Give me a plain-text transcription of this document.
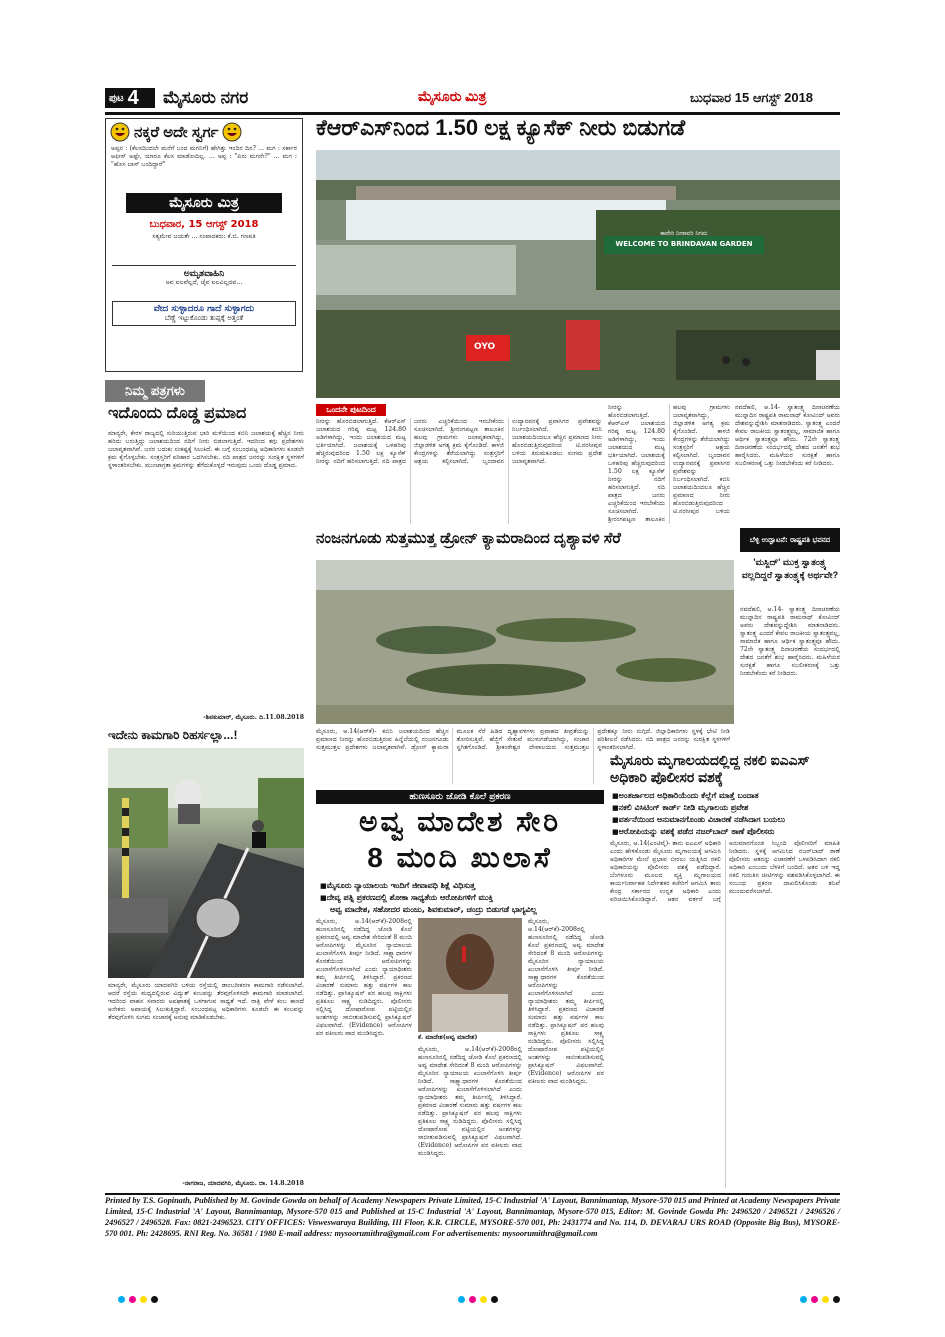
ಪುಟ 4 ಮೈಸೂರು ನಗರ	ಮೈಸೂರು ಮಿತ್ರ	ಬುಧವಾರ 15 ಆಗಸ್ಟ್ 2018
ನಕ್ಕರೆ ಅದೇ ಸ್ವರ್ಗ
ಅಪ್ಪನ : (ಕೆಲಸದಿಂದಲೇ ಮನೆಗೆ ಬಂದ ಮಗನಿಗೆ) ಹೇಗಿತ್ತು ಇಂದಿನ ದಿನ? ... ಮಗ : ಸರ್ಕಾರ ಆಫೀಸ್ ಅಷ್ಟೇ, ಯಾರೂ ಕೆಲಸ ಮಾಡೋದಿಲ್ಲ. ... ಅಪ್ಪ : "ಏನು ಮಗನೇ?" ... ಮಗ : "ಹೊಸ ಬಾಸ್ ಬಂದಿದ್ದಾರೆ"
ಮೈಸೂರು ಮಿತ್ರ
ಬುಧವಾರ, 15 ಆಗಸ್ಟ್ 2018
ಸತ್ಯಮೇವ ಜಯತೇ ... ಸಂಪಾದಕರು: ಕೆ.ಬಿ. ಗಣಪತಿ
ಅಮೃತವಾಹಿನಿ
ಅವ ಐಲವೆಲ್ಲದೆ, ಜೈವ ಐಲವಿಲ್ಲದವ...
ವೇದ ಸುಳ್ಳಾದರೂ ಗಾದೆ ಸುಳ್ಳಾಗದು
ಬೆಣ್ಣೆ ಇಟ್ಟುಕೊಂಡು ತುಪ್ಪಕ್ಕೆ ಅತ್ತಂತೆ
ನಿಮ್ಮ ಪತ್ರಗಳು
ಇದೊಂದು ದೊಡ್ಡ ಪ್ರಮಾದ
ಮಾನ್ಯರೇ, ಕೇರಳ ರಾಜ್ಯದಲ್ಲಿ ಸುರಿಯುತ್ತಿರುವ ಭಾರಿ ಮಳೆಯಿಂದ ಕಬಿನಿ ಜಲಾಶಯಕ್ಕೆ ಹೆಚ್ಚಿನ ನೀರು ಹರಿದು ಬರುತ್ತಿದ್ದು ಜಲಾಶಯದಿಂದ ನದಿಗೆ ನೀರು ಬಿಡಲಾಗುತ್ತಿದೆ. ಇದರಿಂದ ತಗ್ಗು ಪ್ರದೇಶಗಳು ಜಲಾವೃತವಾಗಿವೆ. ಜನರ ಬದುಕು ಸಂಕಷ್ಟಕ್ಕೆ ಸಿಲುಕಿದೆ. ಈ ಬಗ್ಗೆ ಸಂಬಂಧಪಟ್ಟ ಅಧಿಕಾರಿಗಳು ಕೂಡಲೇ ಕ್ರಮ ಕೈಗೊಳ್ಳಬೇಕು. ಸಂತ್ರಸ್ತರಿಗೆ ಪರಿಹಾರ ಒದಗಿಸಬೇಕು. ನದಿ ಪಾತ್ರದ ಜನರನ್ನು ಸುರಕ್ಷಿತ ಸ್ಥಳಗಳಿಗೆ ಸ್ಥಳಾಂತರಿಸಬೇಕು. ಮುಂಜಾಗ್ರತಾ ಕ್ರಮಗಳನ್ನು ತೆಗೆದುಕೊಳ್ಳದೆ ಇರುವುದು ಒಂದು ದೊಡ್ಡ ಪ್ರಮಾದ.
-ಶಿವಕುಮಾರ್, ಮೈಸೂರು. ದಿ.11.08.2018
ಇದೇನು ಕಾಮಗಾರಿ ರಿಹರ್ಸಲ್ಲಾ...!
ಮಾನ್ಯರೇ, ಮೈಸೂರು ಯಾದವಗಿರಿ ಬಳಿಯ ರಸ್ತೆಯಲ್ಲಿ ಡಾಂಬರೀಕರಣ ಕಾಮಗಾರಿ ನಡೆಸಲಾಗಿದೆ. ಆದರೆ ರಸ್ತೆಯ ಮಧ್ಯದಲ್ಲಿರುವ ವಿದ್ಯುತ್ ಕಂಬವನ್ನು ತೆರವುಗೊಳಿಸದೇ ಕಾಮಗಾರಿ ಮಾಡಲಾಗಿದೆ. ಇದರಿಂದ ವಾಹನ ಸವಾರರು ಅಪಘಾತಕ್ಕೆ ಒಳಗಾಗುವ ಸಾಧ್ಯತೆ ಇದೆ. ರಾತ್ರಿ ವೇಳೆ ಕಂಬ ಕಾಣದೆ ಅನೇಕರು ಅಪಾಯಕ್ಕೆ ಸಿಲುಕುತ್ತಿದ್ದಾರೆ. ಸಂಬಂಧಪಟ್ಟ ಅಧಿಕಾರಿಗಳು ಕೂಡಲೇ ಈ ಕಂಬವನ್ನು ತೆರವುಗೊಳಿಸಿ ಸುಗಮ ಸಂಚಾರಕ್ಕೆ ಅನುವು ಮಾಡಿಕೊಡಬೇಕು.
-ನಾಗರಾಜ, ಯಾದವಗಿರಿ, ಮೈಸೂರು. ದಾ. 14.8.2018
ಕೆಆರ್‌ಎಸ್‌ನಿಂದ 1.50 ಲಕ್ಷ ಕ್ಯೂಸೆಕ್ ನೀರು ಬಿಡುಗಡೆ
WELCOME TO BRINDAVAN GARDEN
ಕಾವೇರಿ ನೀರಾವರಿ ನಿಗಮ
OYO
ಒಂದನೇ ಪುಟದಿಂದ
ನೀರನ್ನು ಹೊರಬಿಡಲಾಗುತ್ತಿದೆ. ಕೆಆರ್‌ಎಸ್ ಜಲಾಶಯದ ಗರಿಷ್ಠ ಮಟ್ಟ 124.80 ಅಡಿಗಳಾಗಿದ್ದು, ಇಂದು ಜಲಾಶಯದ ಮಟ್ಟ ಭರ್ತಿಯಾಗಿದೆ. ಜಲಾಶಯಕ್ಕೆ ಒಳಹರಿವು ಹೆಚ್ಚಿರುವುದರಿಂದ 1.50 ಲಕ್ಷ ಕ್ಯೂಸೆಕ್ ನೀರನ್ನು ನದಿಗೆ ಹರಿಸಲಾಗುತ್ತಿದೆ. ನದಿ ಪಾತ್ರದ ಜನರು ಎಚ್ಚರಿಕೆಯಿಂದ ಇರಬೇಕೆಂದು ಸೂಚಿಸಲಾಗಿದೆ. ಶ್ರೀರಂಗಪಟ್ಟಣ ತಾಲೂಕಿನ ಹಲವು ಗ್ರಾಮಗಳು ಜಲಾವೃತವಾಗಿದ್ದು, ಜಿಲ್ಲಾಡಳಿತ ಅಗತ್ಯ ಕ್ರಮ ಕೈಗೊಂಡಿದೆ. ಕಾಳಜಿ ಕೇಂದ್ರಗಳನ್ನು ತೆರೆಯಲಾಗಿದ್ದು ಸಂತ್ರಸ್ತರಿಗೆ ಆಶ್ರಯ ಕಲ್ಪಿಸಲಾಗಿದೆ. ಬೃಂದಾವನ ಉದ್ಯಾನವನಕ್ಕೆ ಪ್ರವಾಸಿಗರ ಪ್ರವೇಶವನ್ನು ನಿರ್ಬಂಧಿಸಲಾಗಿದೆ. ಕಬಿನಿ ಜಲಾಶಯದಿಂದಲೂ ಹೆಚ್ಚಿನ ಪ್ರಮಾಣದ ನೀರು ಹೊರಬಿಡುತ್ತಿರುವುದರಿಂದ ಟಿ.ನರಸೀಪುರ ಬಳಿಯ ತಿರುಮಕೂಡಲು ಸಂಗಮ ಪ್ರದೇಶ ಜಲಾವೃತವಾಗಿದೆ.
ನೀರನ್ನು ಹೊರಬಿಡಲಾಗುತ್ತಿದೆ. ಕೆಆರ್‌ಎಸ್ ಜಲಾಶಯದ ಗರಿಷ್ಠ ಮಟ್ಟ 124.80 ಅಡಿಗಳಾಗಿದ್ದು, ಇಂದು ಜಲಾಶಯದ ಮಟ್ಟ ಭರ್ತಿಯಾಗಿದೆ. ಜಲಾಶಯಕ್ಕೆ ಒಳಹರಿವು ಹೆಚ್ಚಿರುವುದರಿಂದ 1.50 ಲಕ್ಷ ಕ್ಯೂಸೆಕ್ ನೀರನ್ನು ನದಿಗೆ ಹರಿಸಲಾಗುತ್ತಿದೆ. ನದಿ ಪಾತ್ರದ ಜನರು ಎಚ್ಚರಿಕೆಯಿಂದ ಇರಬೇಕೆಂದು ಸೂಚಿಸಲಾಗಿದೆ. ಶ್ರೀರಂಗಪಟ್ಟಣ ತಾಲೂಕಿನ ಹಲವು ಗ್ರಾಮಗಳು ಜಲಾವೃತವಾಗಿದ್ದು, ಜಿಲ್ಲಾಡಳಿತ ಅಗತ್ಯ ಕ್ರಮ ಕೈಗೊಂಡಿದೆ. ಕಾಳಜಿ ಕೇಂದ್ರಗಳನ್ನು ತೆರೆಯಲಾಗಿದ್ದು ಸಂತ್ರಸ್ತರಿಗೆ ಆಶ್ರಯ ಕಲ್ಪಿಸಲಾಗಿದೆ. ಬೃಂದಾವನ ಉದ್ಯಾನವನಕ್ಕೆ ಪ್ರವಾಸಿಗರ ಪ್ರವೇಶವನ್ನು ನಿರ್ಬಂಧಿಸಲಾಗಿದೆ. ಕಬಿನಿ ಜಲಾಶಯದಿಂದಲೂ ಹೆಚ್ಚಿನ ಪ್ರಮಾಣದ ನೀರು ಹೊರಬಿಡುತ್ತಿರುವುದರಿಂದ ಟಿ.ನರಸೀಪುರ ಬಳಿಯ
ನವದೆಹಲಿ, ಆ.14- ಸ್ವಾತಂತ್ರ್ಯ ದಿನಾಚರಣೆಯ ಮುನ್ನಾದಿನ ರಾಷ್ಟ್ರಪತಿ ರಾಮನಾಥ್ ಕೋವಿಂದ್ ಅವರು ದೇಶವನ್ನುದ್ದೇಶಿಸಿ ಮಾತನಾಡಿದರು. ಸ್ವಾತಂತ್ರ್ಯ ಎಂದರೆ ಕೇವಲ ರಾಜಕೀಯ ಸ್ವಾತಂತ್ರ್ಯವಲ್ಲ, ಸಾಮಾಜಿಕ ಹಾಗೂ ಆರ್ಥಿಕ ಸ್ವಾತಂತ್ರ್ಯವೂ ಹೌದು. 72ನೇ ಸ್ವಾತಂತ್ರ್ಯ ದಿನಾಚರಣೆಯ ಸಂದರ್ಭದಲ್ಲಿ ದೇಶದ ಜನತೆಗೆ ಶುಭ ಹಾರೈಸಿದರು. ಮಹಿಳೆಯರ ಸುರಕ್ಷತೆ ಹಾಗೂ ಸಬಲೀಕರಣಕ್ಕೆ ಒತ್ತು ನೀಡಬೇಕೆಂದು ಕರೆ ನೀಡಿದರು.
ನಂಜನಗೂಡು ಸುತ್ತಮುತ್ತ ಡ್ರೋನ್ ಕ್ಯಾಮರಾದಿಂದ ದೃಶ್ಯಾವಳಿ ಸೆರೆ
ಮೈಸೂರು, ಆ.14(ಆರ್‌ಕೆ)- ಕಬಿನಿ ಜಲಾಶಯದಿಂದ ಹೆಚ್ಚಿನ ಪ್ರಮಾಣದ ನೀರನ್ನು ಹೊರಬಿಡುತ್ತಿರುವ ಹಿನ್ನೆಲೆಯಲ್ಲಿ ನಂಜನಗೂಡು ಸುತ್ತಮುತ್ತಲ ಪ್ರದೇಶಗಳು ಜಲಾವೃತವಾಗಿವೆ. ಡ್ರೋನ್ ಕ್ಯಾಮರಾ ಮೂಲಕ ಸೆರೆ ಹಿಡಿದ ದೃಶ್ಯಾವಳಿಗಳು ಪ್ರವಾಹದ ತೀವ್ರತೆಯನ್ನು ತೋರಿಸುತ್ತಿವೆ. ಹೆಜ್ಜಿಗೆ ಸೇತುವೆ ಮುಳುಗಡೆಯಾಗಿದ್ದು, ಸಂಚಾರ ಸ್ಥಗಿತಗೊಂಡಿದೆ. ಶ್ರೀಕಂಠೇಶ್ವರ ದೇವಾಲಯದ ಸುತ್ತಮುತ್ತಲ ಪ್ರದೇಶಕ್ಕೂ ನೀರು ನುಗ್ಗಿದೆ. ಜಿಲ್ಲಾಧಿಕಾರಿಗಳು ಸ್ಥಳಕ್ಕೆ ಭೇಟಿ ನೀಡಿ ಪರಿಶೀಲನೆ ನಡೆಸಿದರು. ನದಿ ಪಾತ್ರದ ಜನರನ್ನು ಸುರಕ್ಷಿತ ಸ್ಥಳಗಳಿಗೆ ಸ್ಥಳಾಂತರಿಸಲಾಗಿದೆ.
ಬೆಳ್ಳಿ ಉದ್ಘಾಟನೆ: ರಾಷ್ಟ್ರಪತಿ ಭವನದ
'ಮಸ್ಜಿದ್' ಮುಕ್ತ ಸ್ವಾತಂತ್ರ್ಯ ವಲ್ಲದಿದ್ದರೆ ಸ್ವಾತಂತ್ರ್ಯಕ್ಕೆ ಅರ್ಥವೇ?
ನವದೆಹಲಿ, ಆ.14- ಸ್ವಾತಂತ್ರ್ಯ ದಿನಾಚರಣೆಯ ಮುನ್ನಾದಿನ ರಾಷ್ಟ್ರಪತಿ ರಾಮನಾಥ್ ಕೋವಿಂದ್ ಅವರು ದೇಶವನ್ನುದ್ದೇಶಿಸಿ ಮಾತನಾಡಿದರು. ಸ್ವಾತಂತ್ರ್ಯ ಎಂದರೆ ಕೇವಲ ರಾಜಕೀಯ ಸ್ವಾತಂತ್ರ್ಯವಲ್ಲ, ಸಾಮಾಜಿಕ ಹಾಗೂ ಆರ್ಥಿಕ ಸ್ವಾತಂತ್ರ್ಯವೂ ಹೌದು. 72ನೇ ಸ್ವಾತಂತ್ರ್ಯ ದಿನಾಚರಣೆಯ ಸಂದರ್ಭದಲ್ಲಿ ದೇಶದ ಜನತೆಗೆ ಶುಭ ಹಾರೈಸಿದರು. ಮಹಿಳೆಯರ ಸುರಕ್ಷತೆ ಹಾಗೂ ಸಬಲೀಕರಣಕ್ಕೆ ಒತ್ತು ನೀಡಬೇಕೆಂದು ಕರೆ ನೀಡಿದರು.
ಹುಣಸೂರು ಜೋಡಿ ಕೊಲೆ ಪ್ರಕರಣ
ಅವ್ವ ಮಾದೇಶ ಸೇರಿ
8 ಮಂದಿ ಖುಲಾಸೆ
■ ಮೈಸೂರು ನ್ಯಾಯಾಲಯ ಇಂದಿಗೆ ಜೀವಾವಧಿ ಶಿಕ್ಷೆ ವಿಧಿಸುತ್ತ
■ ದೇವ್ಯ ಪತ್ನಿ ಪ್ರಕರಣದಲ್ಲಿ ಶೋಕಾ ಸಾಧ್ಯತೆಯ ಆರೋಪಿಗಳಿಗೆ ಮುಕ್ತಿ
ಅವ್ವ ಮಾದೇಶ, ಸಹೋದರ ಮಂಜು, ಶಿವಕುಮಾರ್, ಚಂದ್ರು ಬಿಡುಗಡೆ ಭಾಗ್ಯವಿಲ್ಲ
ಮೈಸೂರು, ಆ.14(ಆರ್‌ಕೆ)-2008ರಲ್ಲಿ ಹುಣಸೂರಿನಲ್ಲಿ ನಡೆದಿದ್ದ ಜೋಡಿ ಕೊಲೆ ಪ್ರಕರಣದಲ್ಲಿ ಅವ್ವ ಮಾದೇಶ ಸೇರಿದಂತೆ 8 ಮಂದಿ ಆರೋಪಿಗಳನ್ನು ಮೈಸೂರಿನ ನ್ಯಾಯಾಲಯ ಖುಲಾಸೆಗೊಳಿಸಿ ತೀರ್ಪು ನೀಡಿದೆ. ಸಾಕ್ಷ್ಯಾಧಾರಗಳ ಕೊರತೆಯಿಂದ ಆರೋಪಿಗಳನ್ನು ಖುಲಾಸೆಗೊಳಿಸಲಾಗಿದೆ ಎಂದು ನ್ಯಾಯಾಧೀಶರು ತಮ್ಮ ತೀರ್ಪಿನಲ್ಲಿ ತಿಳಿಸಿದ್ದಾರೆ. ಪ್ರಕರಣದ ವಿಚಾರಣೆ ಸುಮಾರು ಹತ್ತು ವರ್ಷಗಳ ಕಾಲ ನಡೆದಿತ್ತು. ಪ್ರಾಸಿಕ್ಯೂಷನ್ ಪರ ಹಲವು ಸಾಕ್ಷಿಗಳು ಪ್ರತಿಕೂಲ ಸಾಕ್ಷ್ಯ ನುಡಿದಿದ್ದರು. ಪೊಲೀಸರು ಸಲ್ಲಿಸಿದ್ದ ದೋಷಾರೋಪ ಪಟ್ಟಿಯಲ್ಲಿನ ಅಂಶಗಳನ್ನು ಸಾಬೀತುಪಡಿಸುವಲ್ಲಿ ಪ್ರಾಸಿಕ್ಯೂಷನ್ ವಿಫಲವಾಗಿದೆ. (Evidence) ಆರೋಪಿಗಳ ಪರ ವಕೀಲರು ವಾದ ಮಂಡಿಸಿದ್ದರು.
ಕೆ. ಮಾದೇಶ(ಅವ್ವ ಮಾದೇಶ)
ಮೈಸೂರು, ಆ.14(ಆರ್‌ಕೆ)-2008ರಲ್ಲಿ ಹುಣಸೂರಿನಲ್ಲಿ ನಡೆದಿದ್ದ ಜೋಡಿ ಕೊಲೆ ಪ್ರಕರಣದಲ್ಲಿ ಅವ್ವ ಮಾದೇಶ ಸೇರಿದಂತೆ 8 ಮಂದಿ ಆರೋಪಿಗಳನ್ನು ಮೈಸೂರಿನ ನ್ಯಾಯಾಲಯ ಖುಲಾಸೆಗೊಳಿಸಿ ತೀರ್ಪು ನೀಡಿದೆ. ಸಾಕ್ಷ್ಯಾಧಾರಗಳ ಕೊರತೆಯಿಂದ ಆರೋಪಿಗಳನ್ನು ಖುಲಾಸೆಗೊಳಿಸಲಾಗಿದೆ ಎಂದು ನ್ಯಾಯಾಧೀಶರು ತಮ್ಮ ತೀರ್ಪಿನಲ್ಲಿ ತಿಳಿಸಿದ್ದಾರೆ. ಪ್ರಕರಣದ ವಿಚಾರಣೆ ಸುಮಾರು ಹತ್ತು ವರ್ಷಗಳ ಕಾಲ ನಡೆದಿತ್ತು. ಪ್ರಾಸಿಕ್ಯೂಷನ್ ಪರ ಹಲವು ಸಾಕ್ಷಿಗಳು ಪ್ರತಿಕೂಲ ಸಾಕ್ಷ್ಯ ನುಡಿದಿದ್ದರು. ಪೊಲೀಸರು ಸಲ್ಲಿಸಿದ್ದ ದೋಷಾರೋಪ ಪಟ್ಟಿಯಲ್ಲಿನ ಅಂಶಗಳನ್ನು ಸಾಬೀತುಪಡಿಸುವಲ್ಲಿ ಪ್ರಾಸಿಕ್ಯೂಷನ್ ವಿಫಲವಾಗಿದೆ. (Evidence) ಆರೋಪಿಗಳ ಪರ ವಕೀಲರು ವಾದ ಮಂಡಿಸಿದ್ದರು.
ಮೈಸೂರು, ಆ.14(ಆರ್‌ಕೆ)-2008ರಲ್ಲಿ ಹುಣಸೂರಿನಲ್ಲಿ ನಡೆದಿದ್ದ ಜೋಡಿ ಕೊಲೆ ಪ್ರಕರಣದಲ್ಲಿ ಅವ್ವ ಮಾದೇಶ ಸೇರಿದಂತೆ 8 ಮಂದಿ ಆರೋಪಿಗಳನ್ನು ಮೈಸೂರಿನ ನ್ಯಾಯಾಲಯ ಖುಲಾಸೆಗೊಳಿಸಿ ತೀರ್ಪು ನೀಡಿದೆ. ಸಾಕ್ಷ್ಯಾಧಾರಗಳ ಕೊರತೆಯಿಂದ ಆರೋಪಿಗಳನ್ನು ಖುಲಾಸೆಗೊಳಿಸಲಾಗಿದೆ ಎಂದು ನ್ಯಾಯಾಧೀಶರು ತಮ್ಮ ತೀರ್ಪಿನಲ್ಲಿ ತಿಳಿಸಿದ್ದಾರೆ. ಪ್ರಕರಣದ ವಿಚಾರಣೆ ಸುಮಾರು ಹತ್ತು ವರ್ಷಗಳ ಕಾಲ ನಡೆದಿತ್ತು. ಪ್ರಾಸಿಕ್ಯೂಷನ್ ಪರ ಹಲವು ಸಾಕ್ಷಿಗಳು ಪ್ರತಿಕೂಲ ಸಾಕ್ಷ್ಯ ನುಡಿದಿದ್ದರು. ಪೊಲೀಸರು ಸಲ್ಲಿಸಿದ್ದ ದೋಷಾರೋಪ ಪಟ್ಟಿಯಲ್ಲಿನ ಅಂಶಗಳನ್ನು ಸಾಬೀತುಪಡಿಸುವಲ್ಲಿ ಪ್ರಾಸಿಕ್ಯೂಷನ್ ವಿಫಲವಾಗಿದೆ. (Evidence) ಆರೋಪಿಗಳ ಪರ ವಕೀಲರು ವಾದ ಮಂಡಿಸಿದ್ದರು.
ಮೈಸೂರು ಮೃಗಾಲಯದಲ್ಲಿದ್ದ ನಕಲಿ ಐಎಎಸ್ ಅಧಿಕಾರಿ ಪೊಲೀಸರ ವಶಕ್ಕೆ
■ ಅಂತರ್ಜಾಲದ ಅಧಿಕಾರಿಯೆಂದು ಕೆಲ್ಲೆಗೆ ಮಾತ್ತೆ ಬಂದಾತ
■ ನಕಲಿ ವಿಸಿಟಿಂಗ್ ಕಾರ್ಡ್ ನೀಡಿ ಮೃಗಾಲಯ ಪ್ರವೇಶ
■ ವರ್ತನೆಯಿಂದ ಅನುಮಾನಗೊಂಡು ವಿಚಾರಣೆ ನಡೆಸಿದಾಗ ಬಯಲು
■ ಆರೋಪಿಯನ್ನು ವಶಕ್ಕೆ ಪಡೆದ ನಜರ್‌ಬಾದ್ ಠಾಣೆ ಪೊಲೀಸರು
ಮೈಸೂರು, ಆ.14(ಎಂಟಿವೈ)- ತಾನು ಐಎಎಸ್ ಅಧಿಕಾರಿ ಎಂದು ಹೇಳಿಕೊಂಡು ಮೈಸೂರು ಮೃಗಾಲಯಕ್ಕೆ ಆಗಮಿಸಿ ಅಧಿಕಾರಿಗಳ ಮೇಲೆ ಪ್ರಭಾವ ಬೀರಲು ಯತ್ನಿಸಿದ ನಕಲಿ ಅಧಿಕಾರಿಯನ್ನು ಪೊಲೀಸರು ವಶಕ್ಕೆ ಪಡೆದಿದ್ದಾರೆ. ಬೆಂಗಳೂರು ಮೂಲದ ವ್ಯಕ್ತಿ ಮೃಗಾಲಯದ ಕಾರ್ಯನಿರ್ವಾಹಕ ನಿರ್ದೇಶಕರ ಕಚೇರಿಗೆ ಆಗಮಿಸಿ ತಾನು ಕೇಂದ್ರ ಸರ್ಕಾರದ ಉನ್ನತ ಅಧಿಕಾರಿ ಎಂದು ಪರಿಚಯಿಸಿಕೊಂಡಿದ್ದಾನೆ. ಆತನ ವರ್ತನೆ ಬಗ್ಗೆ ಅನುಮಾನಗೊಂಡ ಸಿಬ್ಬಂದಿ ಪೊಲೀಸರಿಗೆ ಮಾಹಿತಿ ನೀಡಿದರು. ಸ್ಥಳಕ್ಕೆ ಆಗಮಿಸಿದ ನಜರ್‌ಬಾದ್ ಠಾಣೆ ಪೊಲೀಸರು ಆತನನ್ನು ವಿಚಾರಣೆಗೆ ಒಳಪಡಿಸಿದಾಗ ನಕಲಿ ಅಧಿಕಾರಿ ಎಂಬುದು ಬೆಳಕಿಗೆ ಬಂದಿದೆ. ಆತನ ಬಳಿ ಇದ್ದ ನಕಲಿ ಗುರುತಿನ ಚೀಟಿಗಳನ್ನು ವಶಪಡಿಸಿಕೊಳ್ಳಲಾಗಿದೆ. ಈ ಸಂಬಂಧ ಪ್ರಕರಣ ದಾಖಲಿಸಿಕೊಂಡು ತನಿಖೆ ಮುಂದುವರೆಸಲಾಗಿದೆ.
Printed by T.S. Gopinath, Published by M. Govinde Gowda on behalf of Academy Newspapers Private Limited, 15-C Industrial 'A' Layout, Bannimantap, Mysore-570 015 and Printed at Academy Newspapers Private Limited, 15-C Industrial 'A' Layout, Bannimantap, Mysore-570 015 and Published at 15-C Industrial 'A' Layout, Bannimantap, Mysore-570 015, Editor: M. Govinde Gowda Ph: 2496520 / 2496521 / 2496526 / 2496527 / 2496528. Fax: 0821-2496523. CITY OFFICES: Visweswaraya Building, III Floor, K.R. CIRCLE, MYSORE-570 001, Ph: 2431774 and No. 114, D. DEVARAJ URS ROAD (Opposite Big Bus), MYSORE-570 001. Ph: 2428695. RNI Reg. No. 36581 / 1980 E-mail address: mysoorumithra@gmail.com For advertisements: mysoorumithra@gmail.com
